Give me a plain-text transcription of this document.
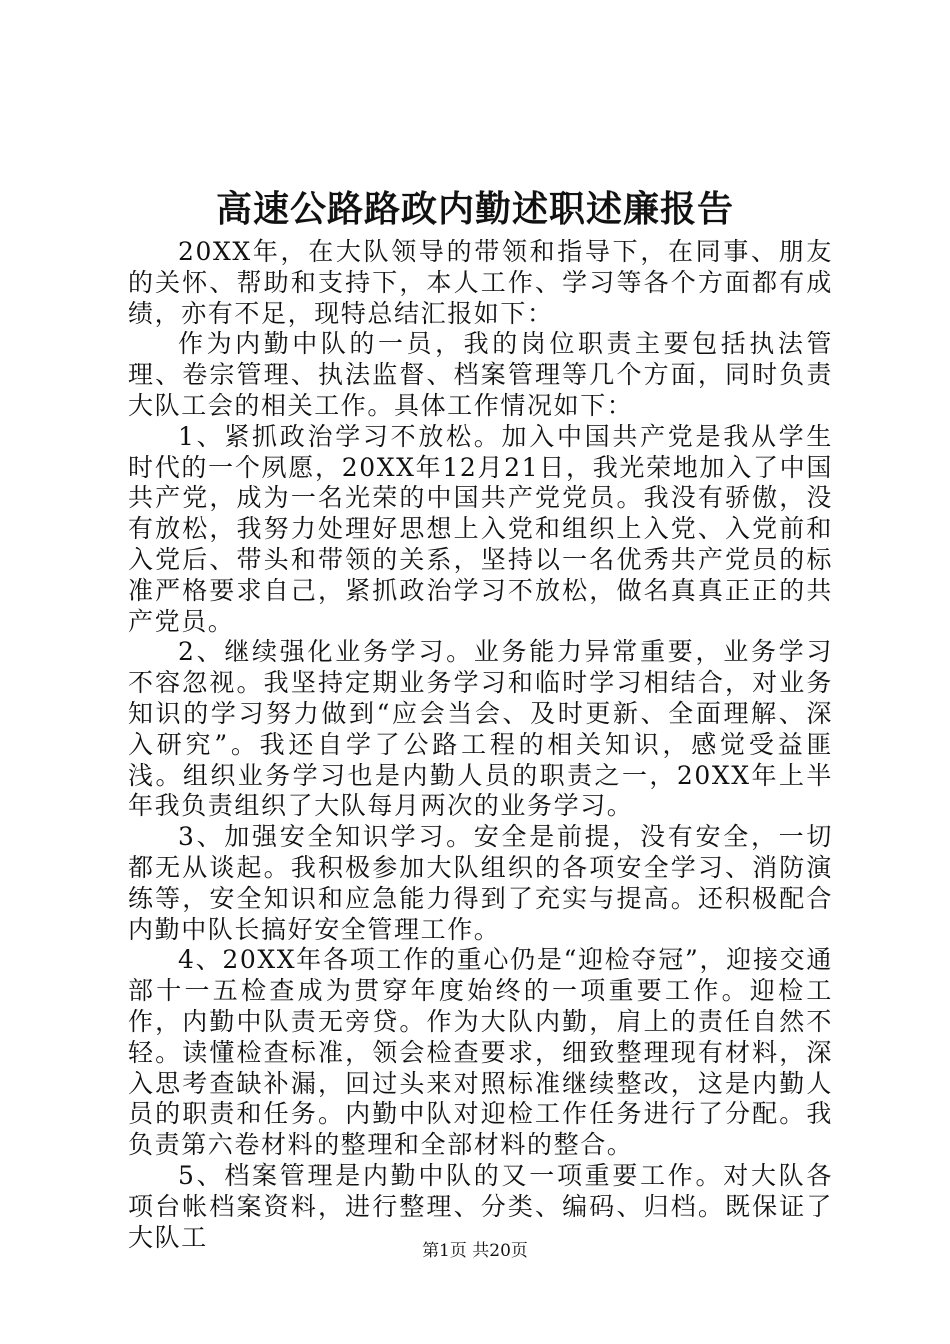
高速公路路政内勤述职述廉报告

20XX年，在大队领导的带领和指导下，在同事、朋友的关怀、帮助和支持下，本人工作、学习等各个方面都有成绩，亦有不足，现特总结汇报如下：

作为内勤中队的一员，我的岗位职责主要包括执法管理、卷宗管理、执法监督、档案管理等几个方面，同时负责大队工会的相关工作。具体工作情况如下：

1、紧抓政治学习不放松。加入中国共产党是我从学生时代的一个夙愿，20XX年12月21日，我光荣地加入了中国共产党，成为一名光荣的中国共产党党员。我没有骄傲，没有放松，我努力处理好思想上入党和组织上入党、入党前和入党后、带头和带领的关系，坚持以一名优秀共产党员的标准严格要求自己，紧抓政治学习不放松，做名真真正正的共产党员。

2、继续强化业务学习。业务能力异常重要，业务学习不容忽视。我坚持定期业务学习和临时学习相结合，对业务知识的学习努力做到“应会当会、及时更新、全面理解、深入研究”。我还自学了公路工程的相关知识，感觉受益匪浅。组织业务学习也是内勤人员的职责之一，20XX年上半年我负责组织了大队每月两次的业务学习。

3、加强安全知识学习。安全是前提，没有安全，一切都无从谈起。我积极参加大队组织的各项安全学习、消防演练等，安全知识和应急能力得到了充实与提高。还积极配合内勤中队长搞好安全管理工作。

4、20XX年各项工作的重心仍是“迎检夺冠”，迎接交通部十一五检查成为贯穿年度始终的一项重要工作。迎检工作，内勤中队责无旁贷。作为大队内勤，肩上的责任自然不轻。读懂检查标准，领会检查要求，细致整理现有材料，深入思考查缺补漏，回过头来对照标准继续整改，这是内勤人员的职责和任务。内勤中队对迎检工作任务进行了分配。我负责第六卷材料的整理和全部材料的整合。

5、档案管理是内勤中队的又一项重要工作。对大队各项台帐档案资料，进行整理、分类、编码、归档。既保证了大队工	第1页 共20页
